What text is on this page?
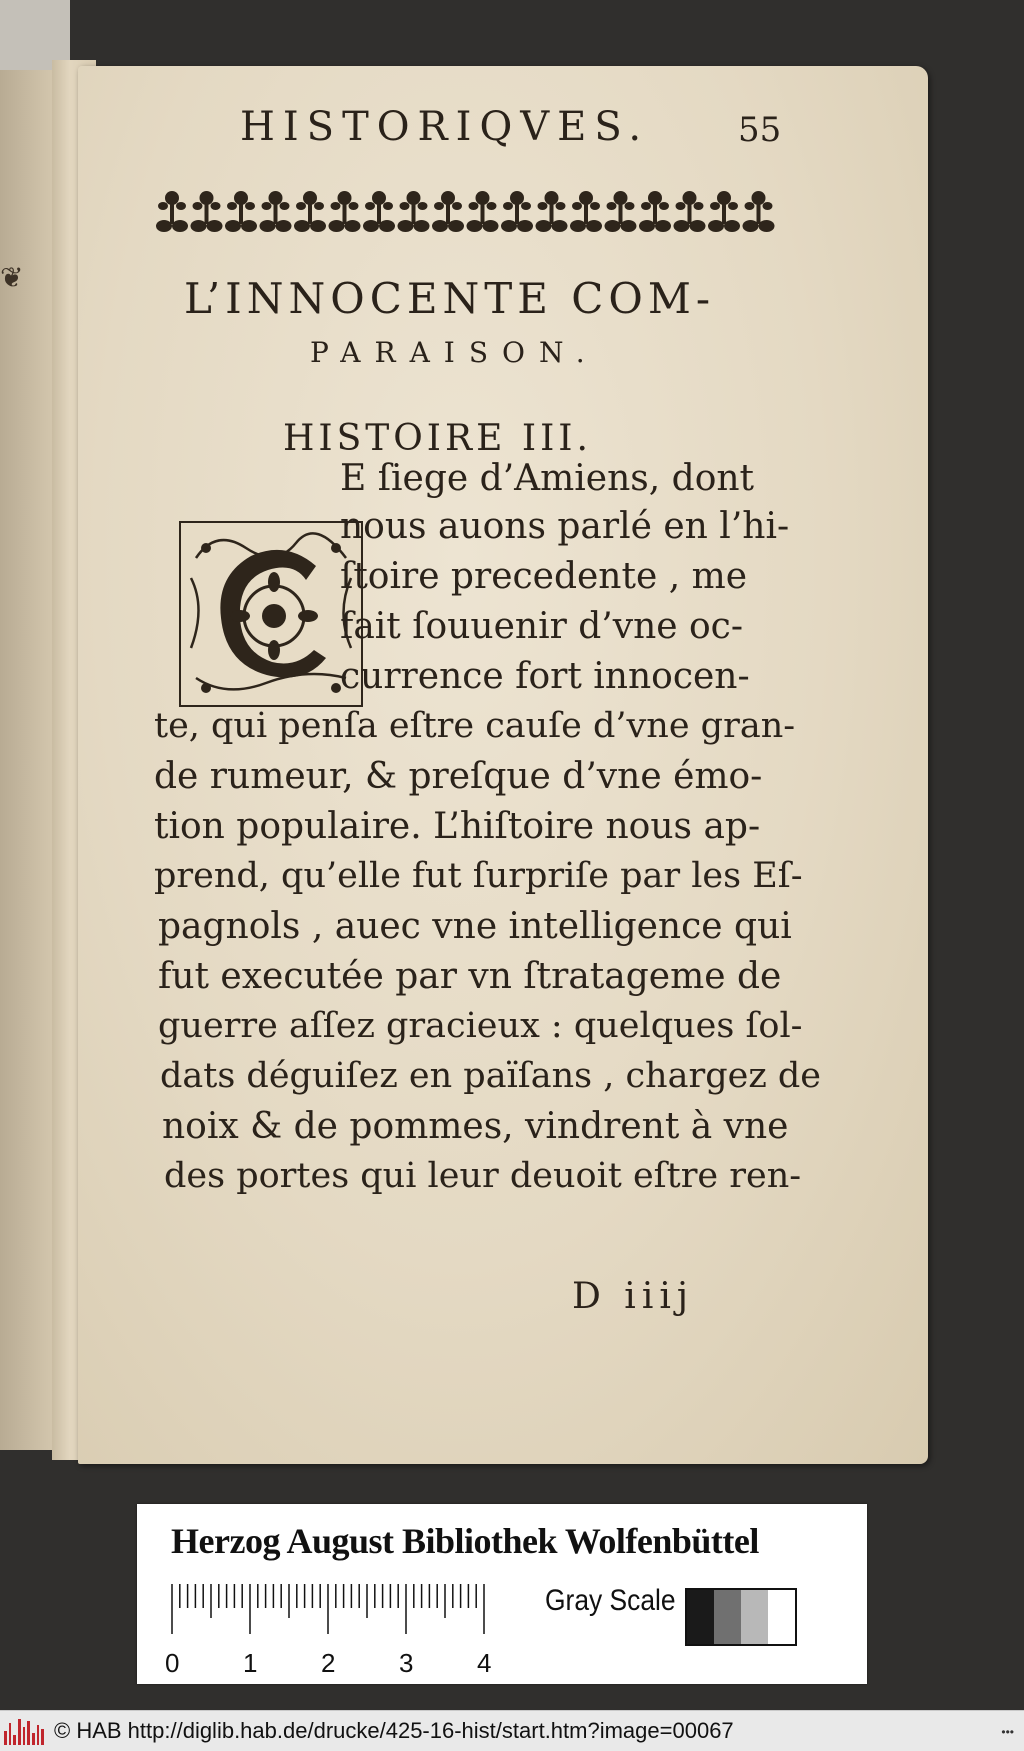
❦
HISTORIQVES.	55
L’INNOCENTE COM-
PARAISON.
HISTOIRE III.
E ſiege d’Amiens, dont
nous auons parlé en l’hi-
ſtoire precedente , me
fait ſouuenir d’vne oc-
currence fort innocen-
te, qui penſa eſtre cauſe d’vne gran-
de rumeur, & preſque d’vne émo-
tion populaire. L’hiſtoire nous ap-
prend, qu’elle fut ſurpriſe par les Eſ-
pagnols , auec vne intelligence qui
fut executée par vn ſtratageme de
guerre aſſez gracieux : quelques ſol-
dats déguiſez en païſans , chargez de
noix & de pommes, vindrent à vne
des portes qui leur deuoit eſtre ren-
D iiij
Herzog August Bibliothek Wolfenbüttel
0 1 2 3 4
Gray Scale
© HAB http://diglib.hab.de/drucke/425-16-hist/start.htm?image=00067	•••
